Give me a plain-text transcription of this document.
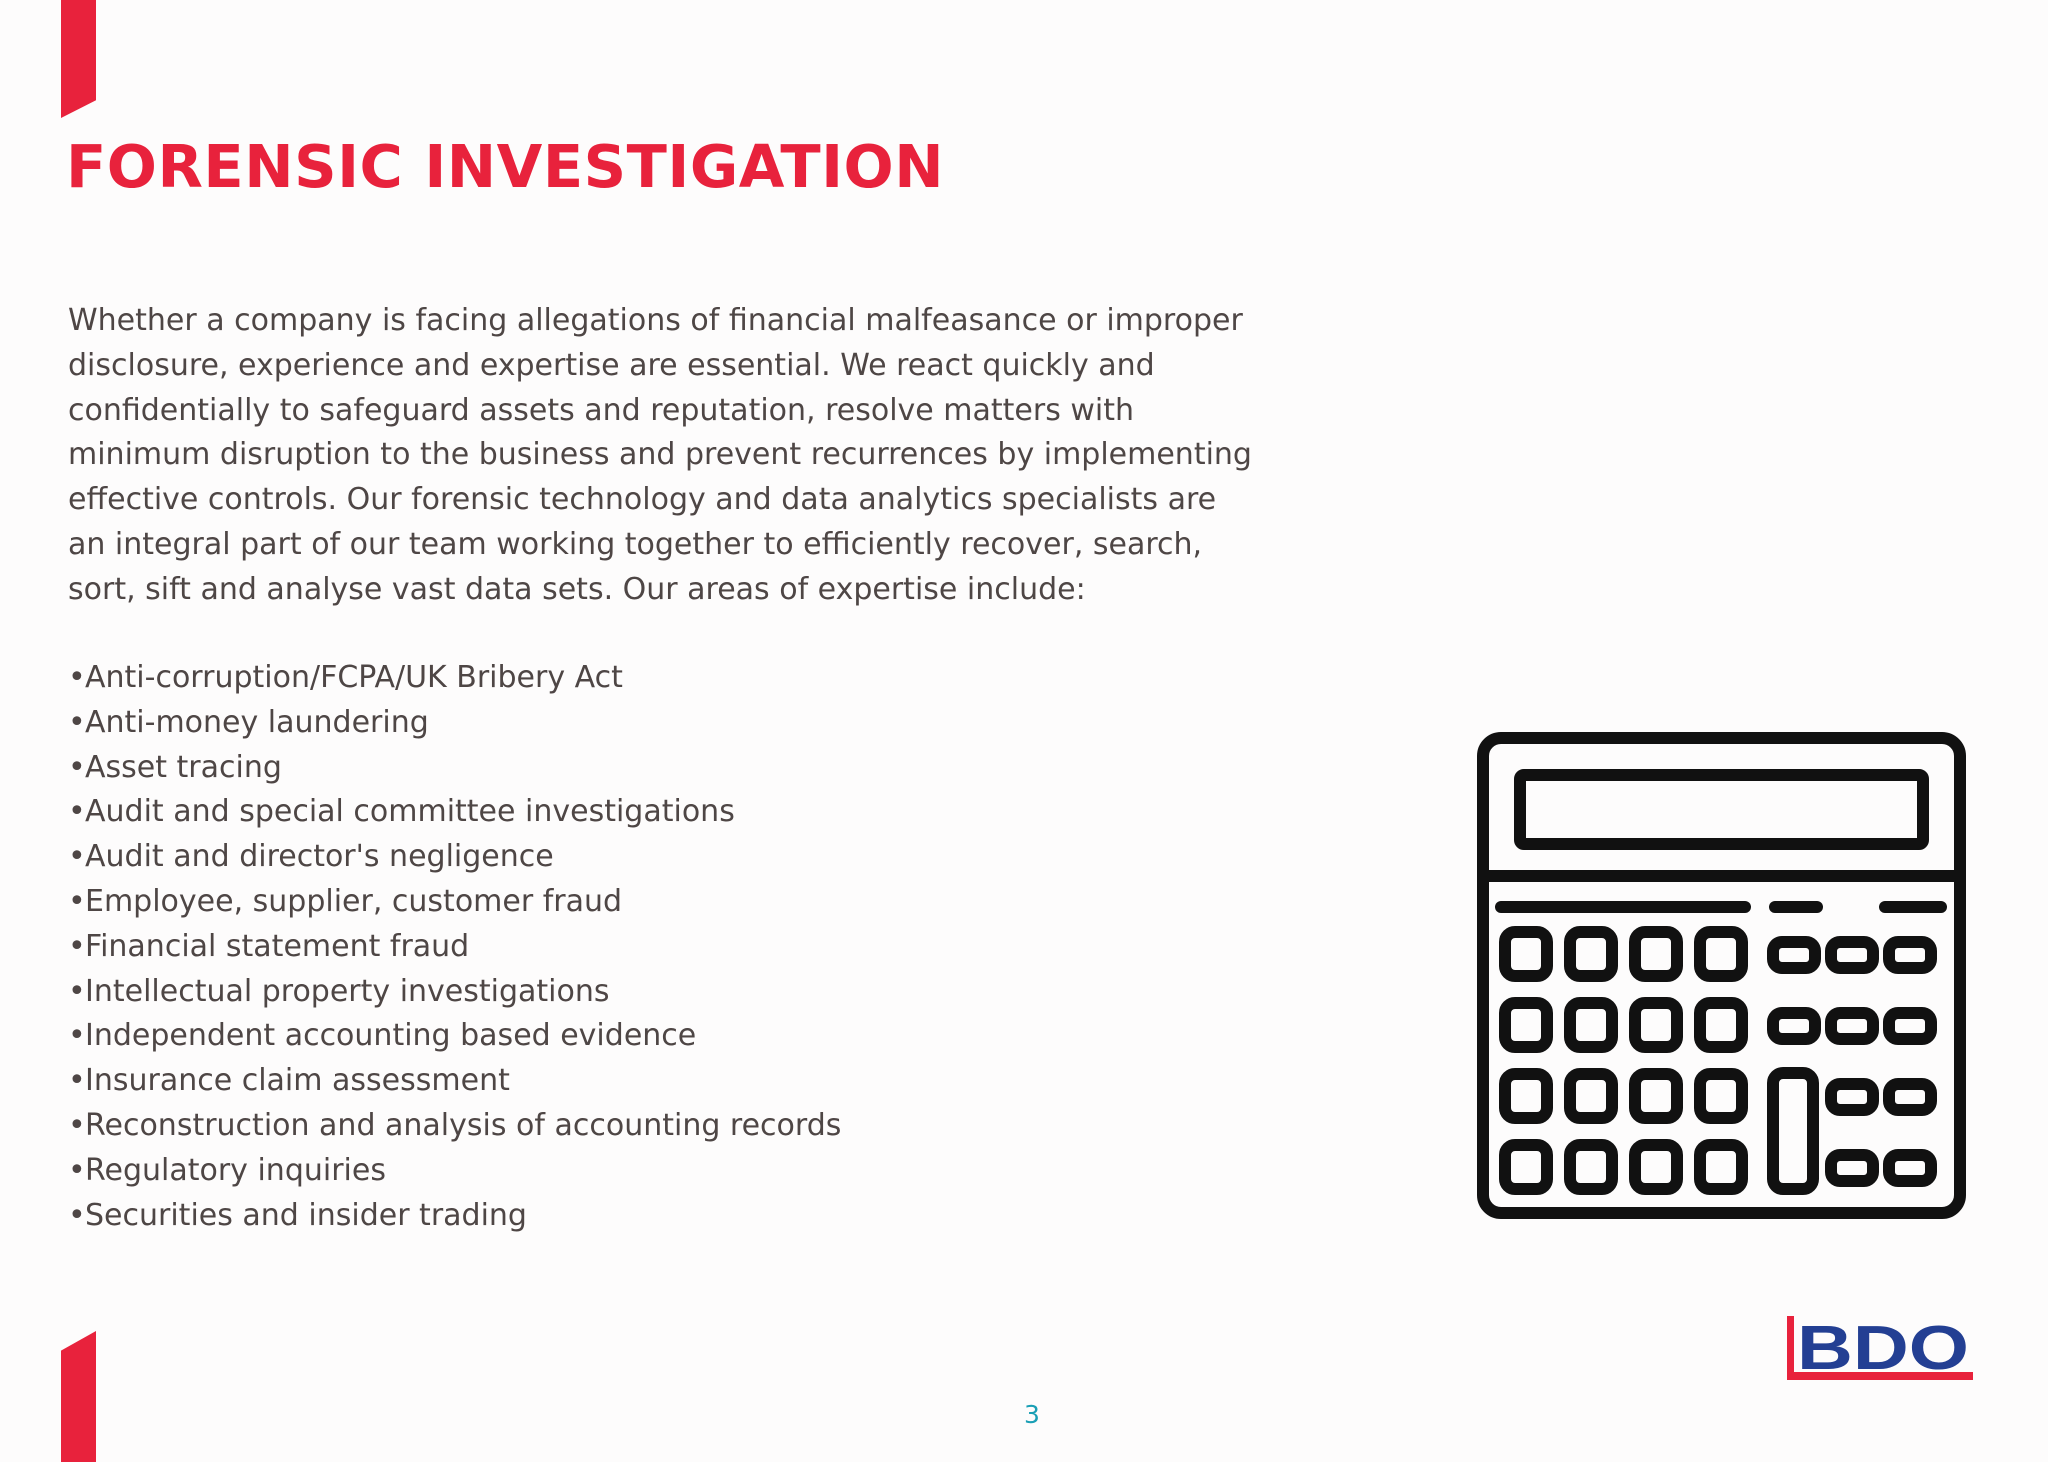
FORENSIC INVESTIGATION

Whether a company is facing allegations of financial malfeasance or improper disclosure, experience and expertise are essential. We react quickly and confidentially to safeguard assets and reputation, resolve matters with minimum disruption to the business and prevent recurrences by implementing effective controls. Our forensic technology and data analytics specialists are an integral part of our team working together to efficiently recover, search, sort, sift and analyse vast data sets. Our areas of expertise include:

•Anti-corruption/FCPA/UK Bribery Act
•Anti-money laundering
•Asset tracing
•Audit and special committee investigations
•Audit and director's negligence
•Employee, supplier, customer fraud
•Financial statement fraud
•Intellectual property investigations
•Independent accounting based evidence
•Insurance claim assessment
•Reconstruction and analysis of accounting records
•Regulatory inquiries
•Securities and insider trading
BDO
3
